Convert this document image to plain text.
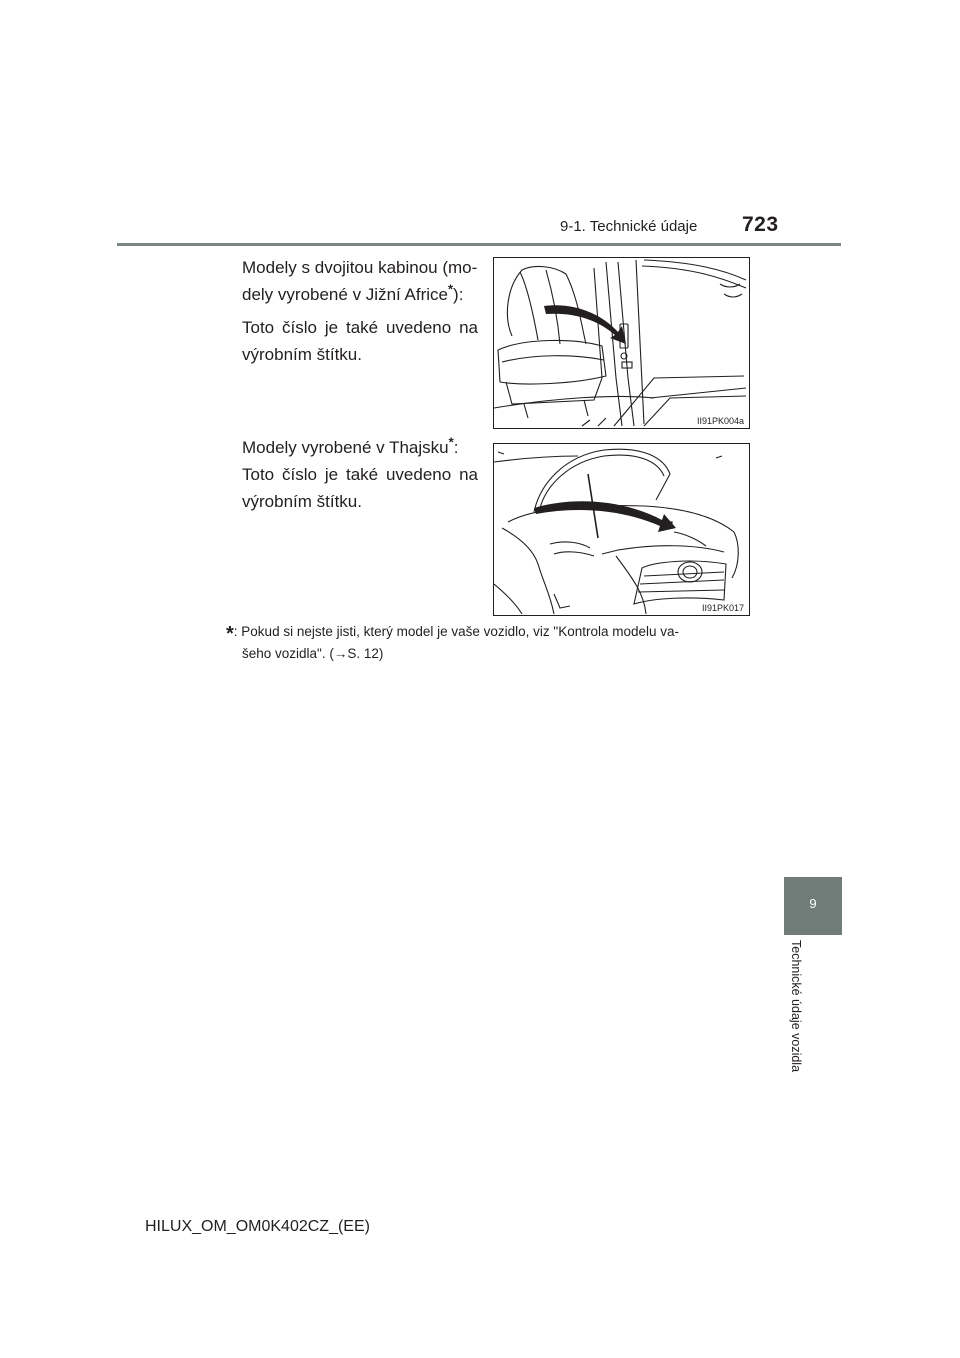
9-1. Technické údaje 723
Modely s dvojitou kabinou (mo-
dely vyrobené v Jižní Africe*):
Toto číslo je také uvedeno na
výrobním štítku.
II91PK004a
Modely vyrobené v Thajsku*:
Toto číslo je také uvedeno na
výrobním štítku.
II91PK017
*: Pokud si nejste jisti, který model je vaše vozidlo, viz "Kontrola modelu va-
šeho vozidla". (→S. 12)
9
Technické údaje vozidla
HILUX_OM_OM0K402CZ_(EE)
